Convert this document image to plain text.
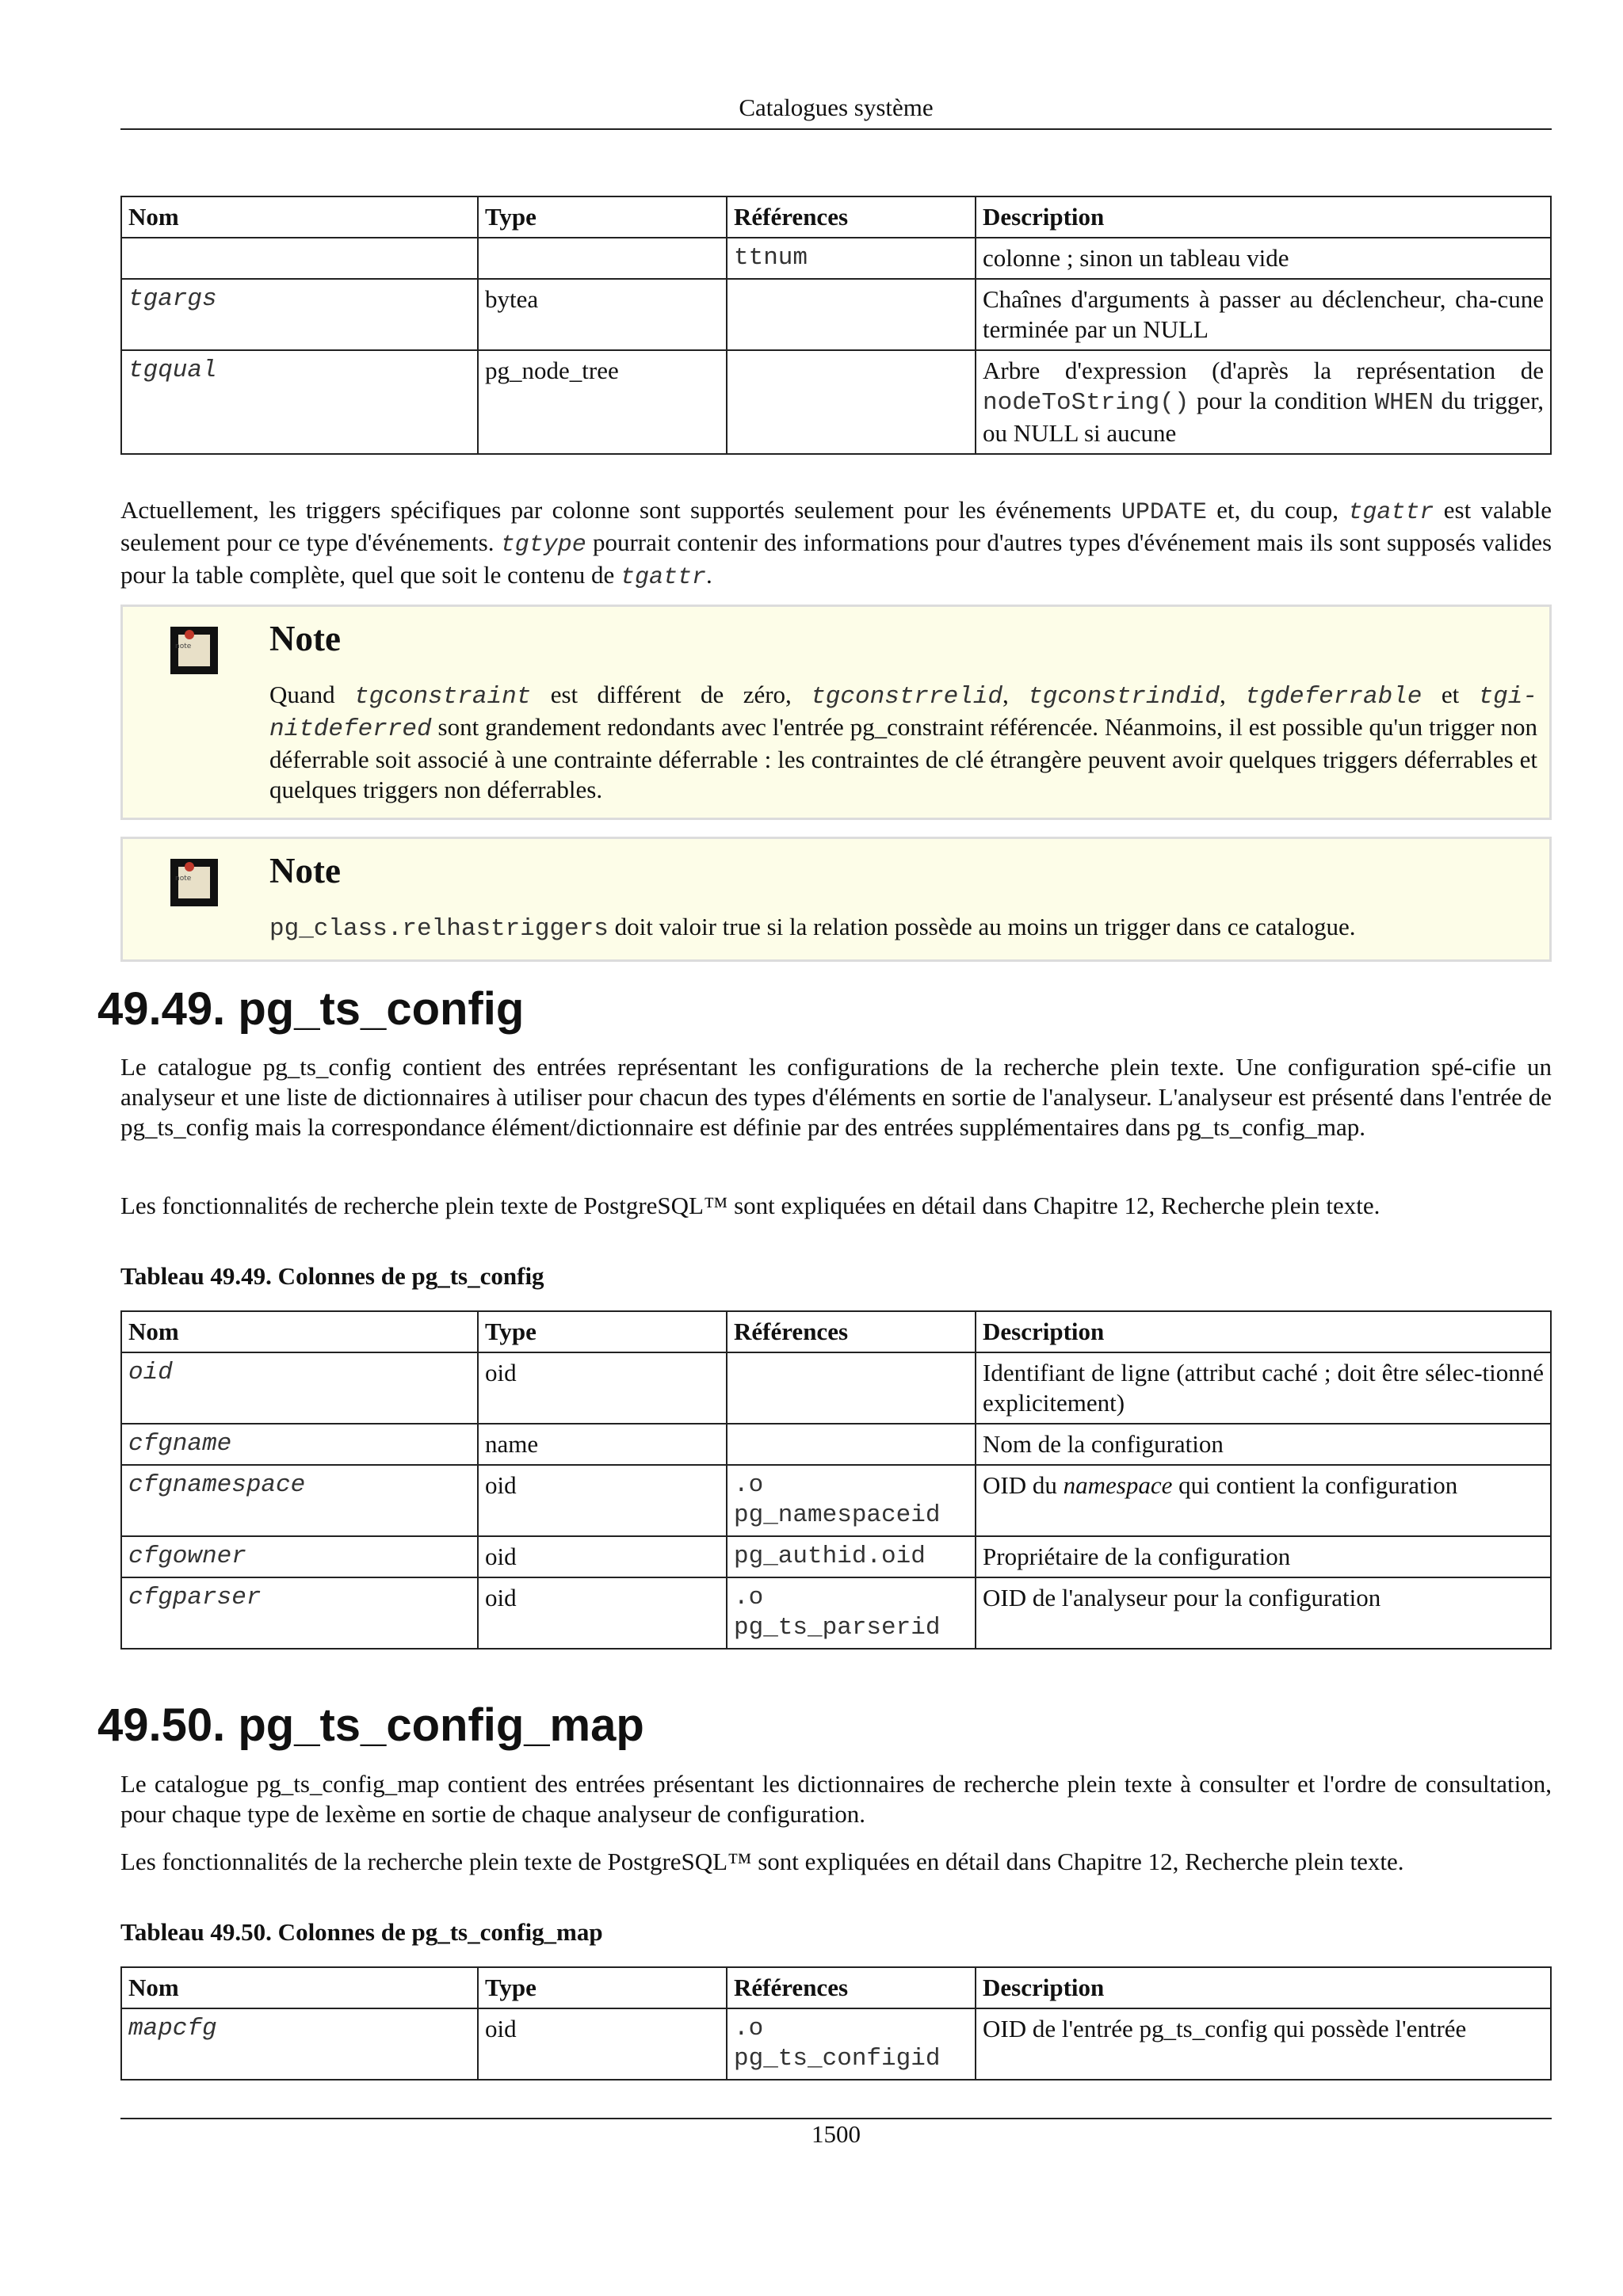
Catalogues système
Nom	Type	Références	Description
		ttnum	colonne ; sinon un tableau vide
tgargs	bytea		Chaînes d'arguments à passer au déclencheur, cha-cune terminée par un NULL
tgqual	pg_node_tree		Arbre d'expression (d'après la représentation de nodeToString() pour la condition WHEN du trigger, ou NULL si aucune
Actuellement, les triggers spécifiques par colonne sont supportés seulement pour les événements UPDATE et, du coup, tgattr est valable seulement pour ce type d'événements. tgtype pourrait contenir des informations pour d'autres types d'événement mais ils sont supposés valides pour la table complète, quel que soit le contenu de tgattr.
note Note
Quand tgconstraint est différent de zéro, tgconstrrelid, tgconstrindid, tgdeferrable et tgi-nitdeferred sont grandement redondants avec l'entrée pg_constraint référencée. Néanmoins, il est possible qu'un trigger non déferrable soit associé à une contrainte déferrable : les contraintes de clé étrangère peuvent avoir quelques triggers déferrables et quelques triggers non déferrables.
note Note
pg_class.relhastriggers doit valoir true si la relation possède au moins un trigger dans ce catalogue.
49.49. pg_ts_config
Le catalogue pg_ts_config contient des entrées représentant les configurations de la recherche plein texte. Une configuration spé-cifie un analyseur et une liste de dictionnaires à utiliser pour chacun des types d'éléments en sortie de l'analyseur. L'analyseur est présenté dans l'entrée de pg_ts_config mais la correspondance élément/dictionnaire est définie par des entrées supplémentaires dans pg_ts_config_map.
Les fonctionnalités de recherche plein texte de PostgreSQL™ sont expliquées en détail dans Chapitre 12, Recherche plein texte.
Tableau 49.49. Colonnes de pg_ts_config
Nom	Type	Références	Description
oid	oid		Identifiant de ligne (attribut caché ; doit être sélec-tionné explicitement)
cfgname	name		Nom de la configuration
cfgnamespace	oid	.o pg_namespaceid	OID du namespace qui contient la configuration
cfgowner	oid	pg_authid.oid	Propriétaire de la configuration
cfgparser	oid	.o pg_ts_parserid	OID de l'analyseur pour la configuration
49.50. pg_ts_config_map
Le catalogue pg_ts_config_map contient des entrées présentant les dictionnaires de recherche plein texte à consulter et l'ordre de consultation, pour chaque type de lexème en sortie de chaque analyseur de configuration.
Les fonctionnalités de la recherche plein texte de PostgreSQL™ sont expliquées en détail dans Chapitre 12, Recherche plein texte.
Tableau 49.50. Colonnes de pg_ts_config_map
Nom	Type	Références	Description
mapcfg	oid	.o pg_ts_configid	OID de l'entrée pg_ts_config qui possède l'entrée
1500
